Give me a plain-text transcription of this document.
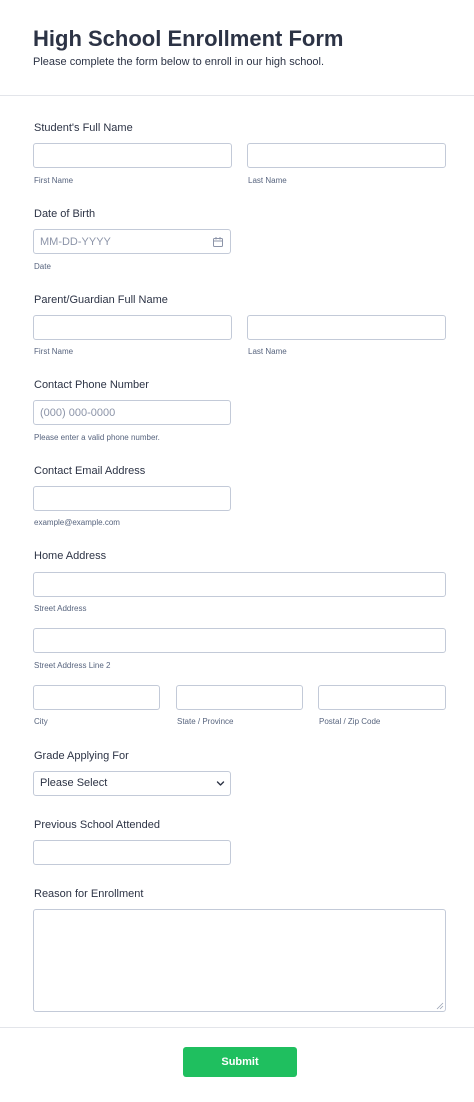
High School Enrollment Form
Please complete the form below to enroll in our high school.
Student's Full Name
First Name	Last Name
Date of Birth
MM-DD-YYYY
Date
Parent/Guardian Full Name
First Name	Last Name
Contact Phone Number
(000) 000-0000
Please enter a valid phone number.
Contact Email Address
example@example.com
Home Address
Street Address
Street Address Line 2
City	State / Province	Postal / Zip Code
Grade Applying For
Please Select
Previous School Attended
Reason for Enrollment
Submit
